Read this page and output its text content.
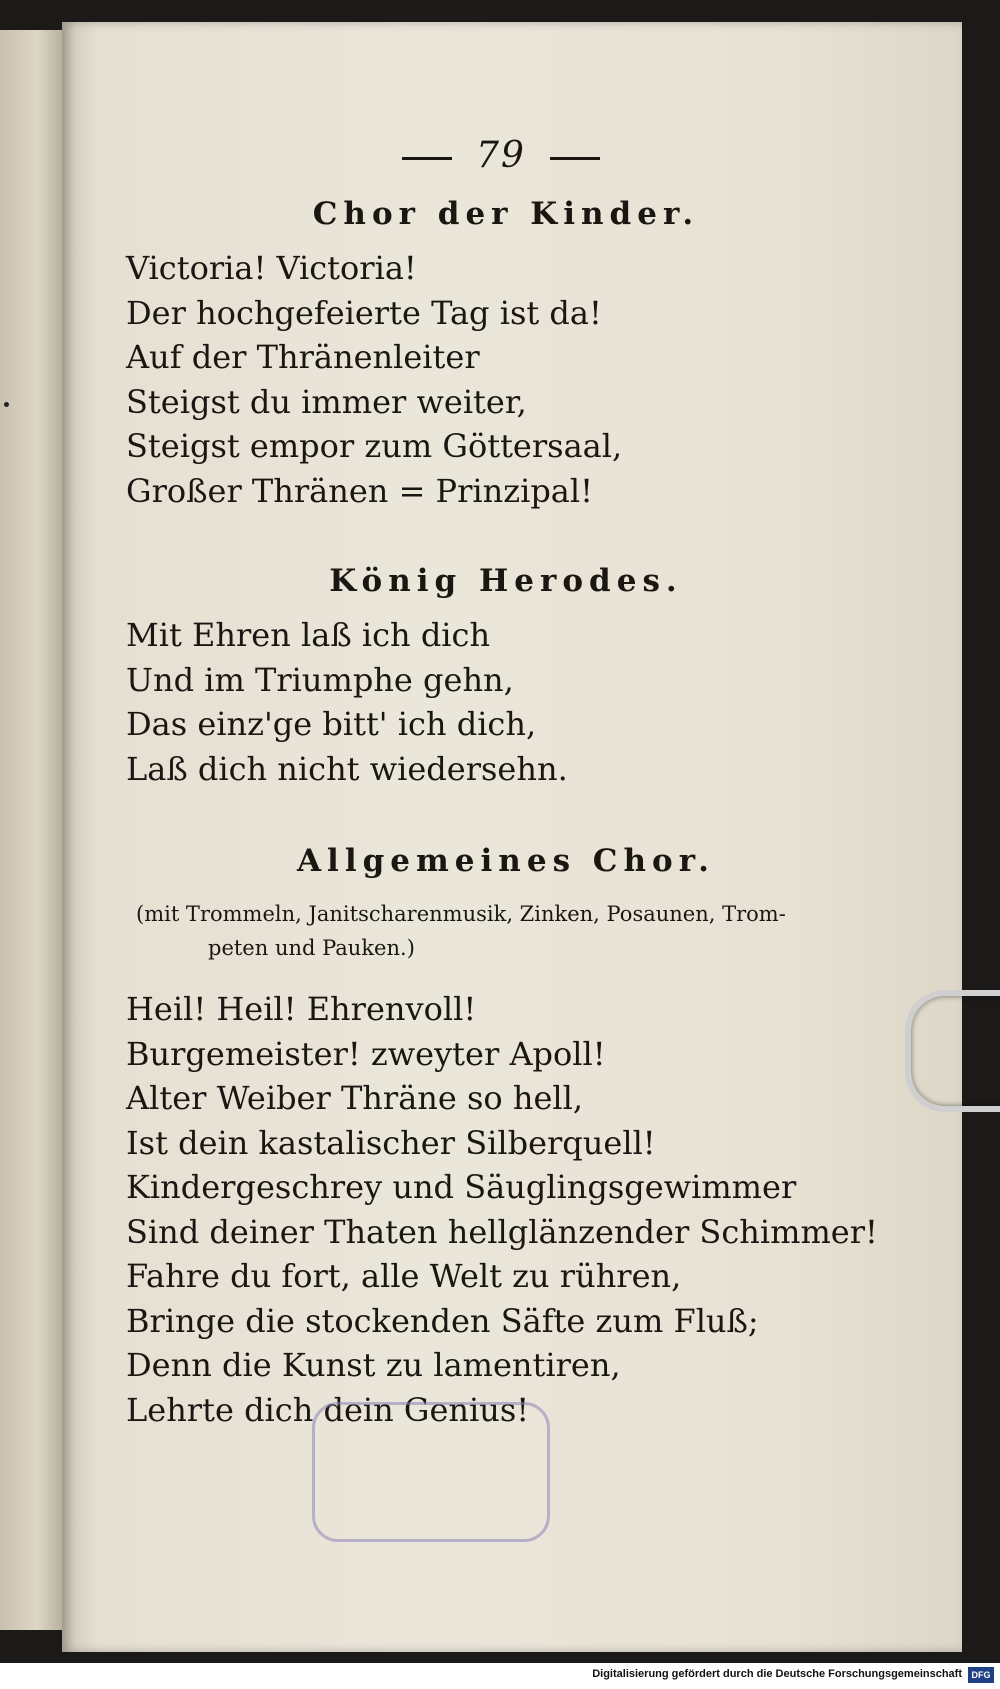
79
Chor der Kinder.
Victoria! Victoria!
Der hochgefeierte Tag ist da!
Auf der Thränenleiter
Steigst du immer weiter,
Steigst empor zum Göttersaal,
Großer Thränen = Prinzipal!
König Herodes.
Mit Ehren laß ich dich
Und im Triumphe gehn,
Das einz'ge bitt' ich dich,
Laß dich nicht wiedersehn.
Allgemeines Chor.
(mit Trommeln, Janitscharenmusik, Zinken, Posaunen, Trom-
peten und Pauken.)
Heil! Heil! Ehrenvoll!
Burgemeister! zweyter Apoll!
Alter Weiber Thräne so hell,
Ist dein kastalischer Silberquell!
Kindergeschrey und Säuglingsgewimmer
Sind deiner Thaten hellglänzender Schimmer!
Fahre du fort, alle Welt zu rühren,
Bringe die stockenden Säfte zum Fluß;
Denn die Kunst zu lamentiren,
Lehrte dich dein Genius!
Digitalisierung gefördert durch die Deutsche Forschungsgemeinschaft	DFG
